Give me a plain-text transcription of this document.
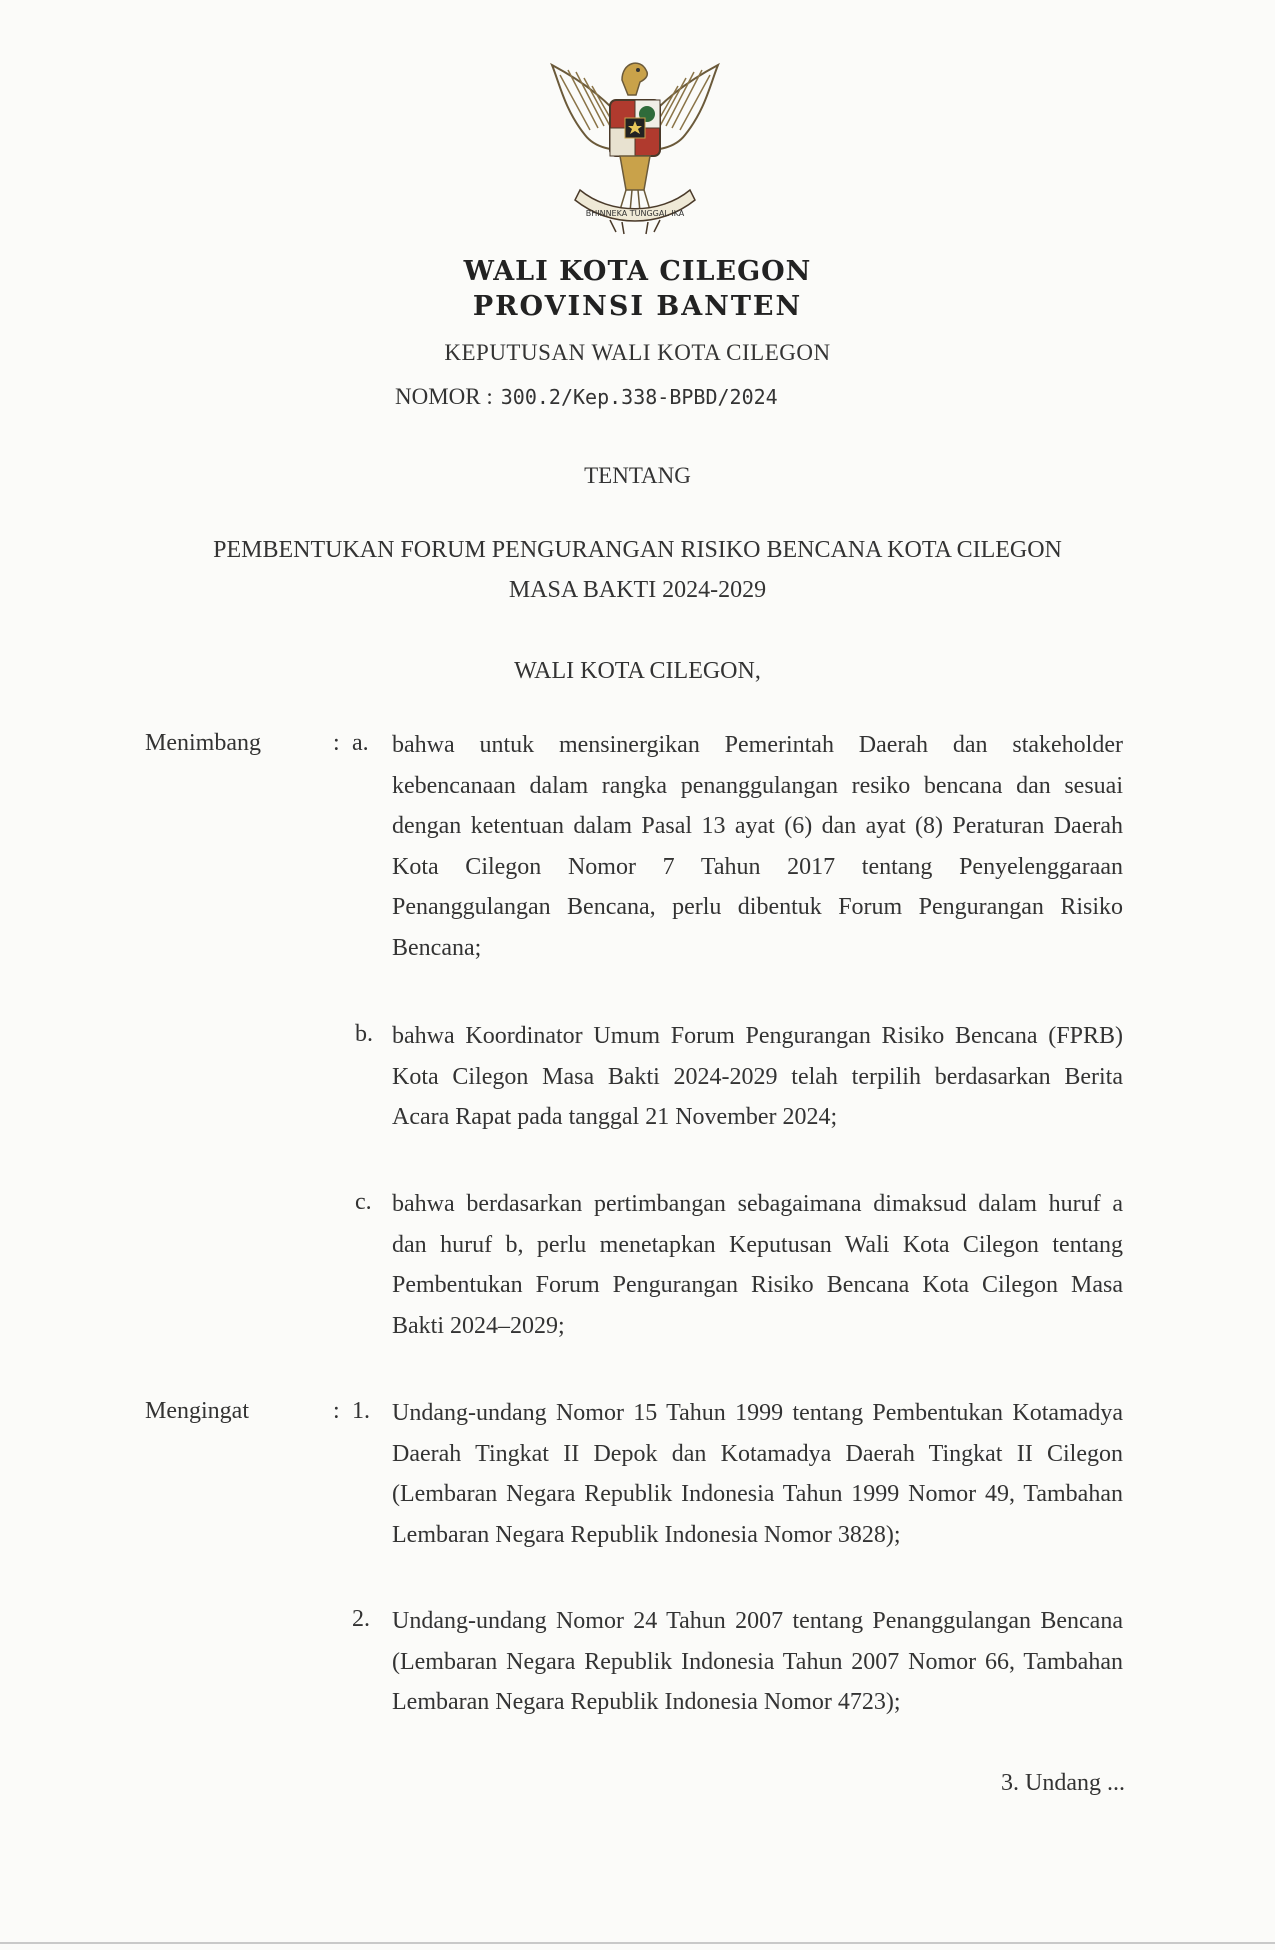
BHINNEKA TUNGGAL IKA
WALI KOTA CILEGON
PROVINSI BANTEN
KEPUTUSAN WALI KOTA CILEGON
NOMOR : 300.2/Kep.338-BPBD/2024
TENTANG
PEMBENTUKAN FORUM PENGURANGAN RISIKO BENCANA KOTA CILEGON
MASA BAKTI 2024-2029
WALI KOTA CILEGON,
Menimbang	: a. bahwa untuk mensinergikan Pemerintah Daerah dan stakeholder kebencanaan dalam rangka penanggulangan resiko bencana dan sesuai dengan ketentuan dalam Pasal 13 ayat (6) dan ayat (8) Peraturan Daerah Kota Cilegon Nomor 7 Tahun 2017 tentang Penyelenggaraan Penanggulangan Bencana, perlu dibentuk Forum Pengurangan Risiko Bencana;
b. bahwa Koordinator Umum Forum Pengurangan Risiko Bencana (FPRB) Kota Cilegon Masa Bakti 2024-2029 telah terpilih berdasarkan Berita Acara Rapat pada tanggal 21 November 2024;
c. bahwa berdasarkan pertimbangan sebagaimana dimaksud dalam huruf a dan huruf b, perlu menetapkan Keputusan Wali Kota Cilegon tentang Pembentukan Forum Pengurangan Risiko Bencana Kota Cilegon Masa Bakti 2024–2029;
Mengingat	: 1. Undang-undang Nomor 15 Tahun 1999 tentang Pembentukan Kotamadya Daerah Tingkat II Depok dan Kotamadya Daerah Tingkat II Cilegon (Lembaran Negara Republik Indonesia Tahun 1999 Nomor 49, Tambahan Lembaran Negara Republik Indonesia Nomor 3828);
2. Undang-undang Nomor 24 Tahun 2007 tentang Penanggulangan Bencana (Lembaran Negara Republik Indonesia Tahun 2007 Nomor 66, Tambahan Lembaran Negara Republik Indonesia Nomor 4723);
3. Undang ...
